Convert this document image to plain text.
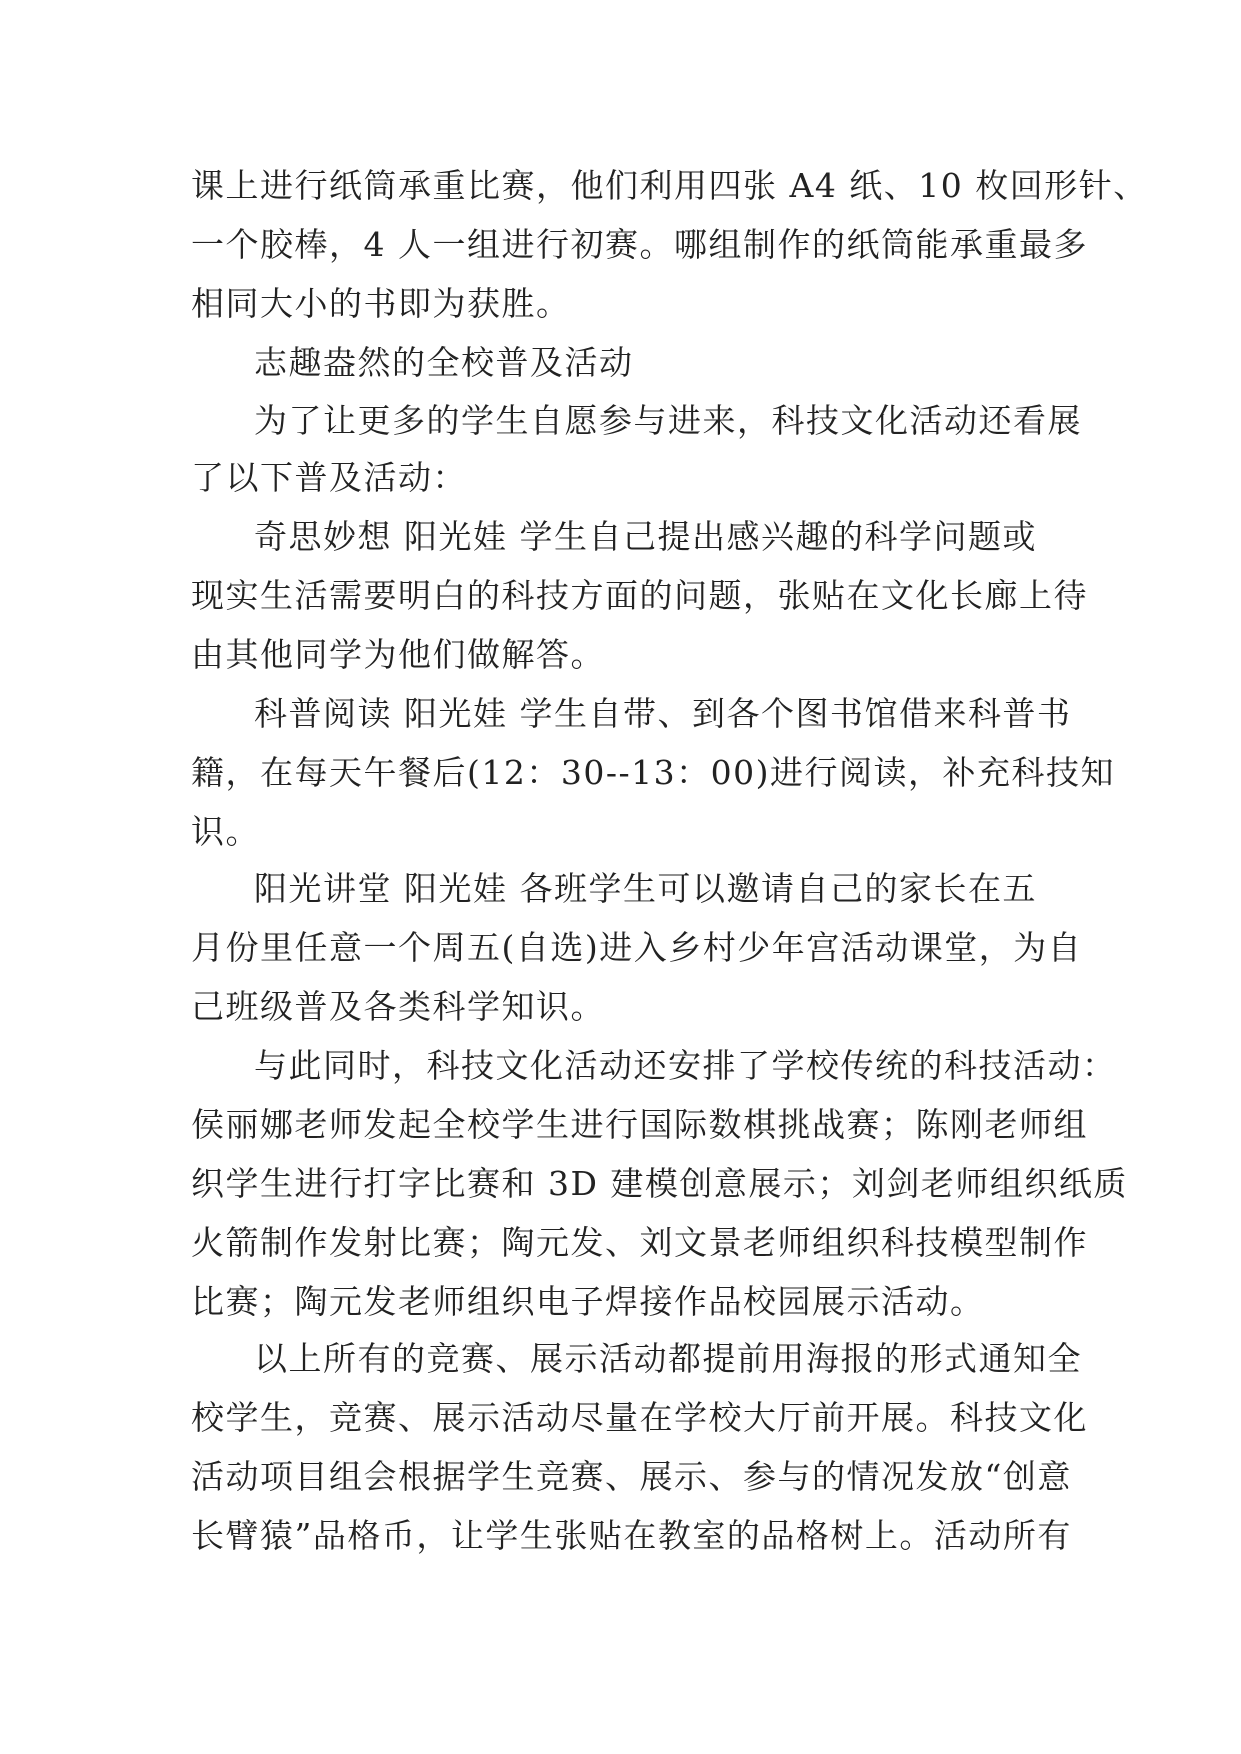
课上进行纸筒承重比赛，他们利用四张 A4 纸、10 枚回形针、
一个胶棒，4 人一组进行初赛。哪组制作的纸筒能承重最多
相同大小的书即为获胜。
志趣盎然的全校普及活动
为了让更多的学生自愿参与进来，科技文化活动还看展
了以下普及活动：
奇思妙想 阳光娃 学生自己提出感兴趣的科学问题或
现实生活需要明白的科技方面的问题，张贴在文化长廊上待
由其他同学为他们做解答。
科普阅读 阳光娃 学生自带、到各个图书馆借来科普书
籍，在每天午餐后(12：30--13：00)进行阅读，补充科技知
识。
阳光讲堂 阳光娃 各班学生可以邀请自己的家长在五
月份里任意一个周五(自选)进入乡村少年宫活动课堂，为自
己班级普及各类科学知识。
与此同时，科技文化活动还安排了学校传统的科技活动：
侯丽娜老师发起全校学生进行国际数棋挑战赛；陈刚老师组
织学生进行打字比赛和 3D 建模创意展示；刘剑老师组织纸质
火箭制作发射比赛；陶元发、刘文景老师组织科技模型制作
比赛；陶元发老师组织电子焊接作品校园展示活动。
以上所有的竞赛、展示活动都提前用海报的形式通知全
校学生，竞赛、展示活动尽量在学校大厅前开展。科技文化
活动项目组会根据学生竞赛、展示、参与的情况发放“创意
长臂猿”品格币，让学生张贴在教室的品格树上。活动所有
